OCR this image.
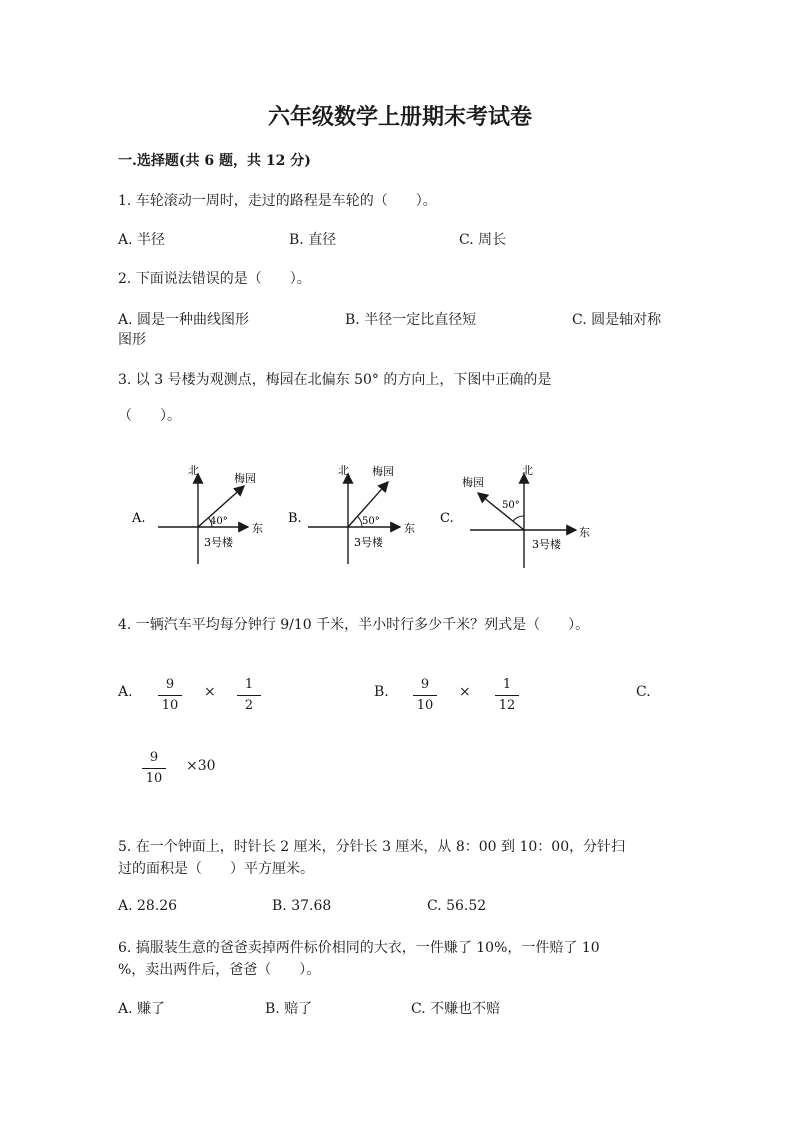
六年级数学上册期末考试卷
一.选择题(共 6 题，共 12 分)
1. 车轮滚动一周时，走过的路程是车轮的（　　）。
A. 半径	B. 直径	C. 周长
2. 下面说法错误的是（　　）。
A. 圆是一种曲线图形	B. 半径一定比直径短	C. 圆是轴对称
图形
3. 以 3 号楼为观测点，梅园在北偏东 50° 的方向上，下图中正确的是
（　　）。
A.
北
东
梅园
40°
3号楼
B.
北
东
梅园
50°
3号楼
C.
北
东
梅园
50°
3号楼
4. 一辆汽车平均每分钟行 9/10 千米，半小时行多少千米？列式是（　　）。
A.	9
10
×	1
2
B.	9
10
×	1
12
C.
9
10
×30
5. 在一个钟面上，时针长 2 厘米，分针长 3 厘米，从 8：00 到 10：00，分针扫
过的面积是（　　）平方厘米。
A. 28.26	B. 37.68	C. 56.52
6. 搞服装生意的爸爸卖掉两件标价相同的大衣，一件赚了 10%，一件赔了 10
%，卖出两件后，爸爸（　　）。
A. 赚了	B. 赔了	C. 不赚也不赔
